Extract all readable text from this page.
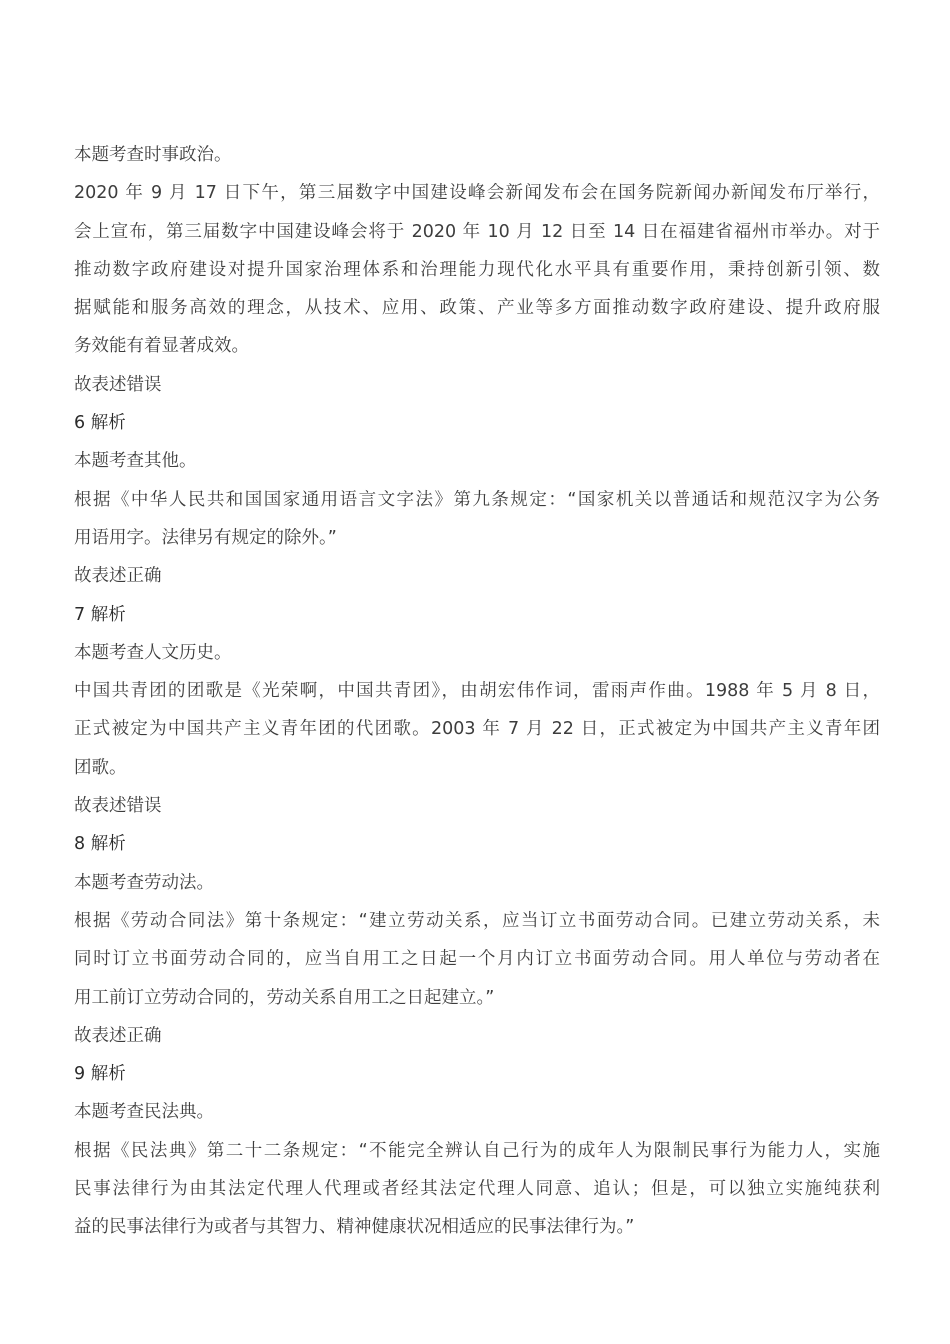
本题考查时事政治。

2020 年 9 月 17 日下午，第三届数字中国建设峰会新闻发布会在国务院新闻办新闻发布厅举行，
会上宣布，第三届数字中国建设峰会将于 2020 年 10 月 12 日至 14 日在福建省福州市举办。对于
推动数字政府建设对提升国家治理体系和治理能力现代化水平具有重要作用，秉持创新引领、数
据赋能和服务高效的理念，从技术、应用、政策、产业等多方面推动数字政府建设、提升政府服
务效能有着显著成效。

故表述错误

6 解析

本题考查其他。

根据《中华人民共和国国家通用语言文字法》第九条规定：“国家机关以普通话和规范汉字为公务
用语用字。法律另有规定的除外。”

故表述正确

7 解析

本题考查人文历史。

中国共青团的团歌是《光荣啊，中国共青团》，由胡宏伟作词，雷雨声作曲。1988 年 5 月 8 日，
正式被定为中国共产主义青年团的代团歌。2003 年 7 月 22 日，正式被定为中国共产主义青年团
团歌。

故表述错误

8 解析

本题考查劳动法。

根据《劳动合同法》第十条规定：“建立劳动关系，应当订立书面劳动合同。已建立劳动关系，未
同时订立书面劳动合同的，应当自用工之日起一个月内订立书面劳动合同。用人单位与劳动者在
用工前订立劳动合同的，劳动关系自用工之日起建立。”

故表述正确

9 解析

本题考查民法典。

根据《民法典》第二十二条规定：“不能完全辨认自己行为的成年人为限制民事行为能力人，实施
民事法律行为由其法定代理人代理或者经其法定代理人同意、追认；但是，可以独立实施纯获利
益的民事法律行为或者与其智力、精神健康状况相适应的民事法律行为。”
